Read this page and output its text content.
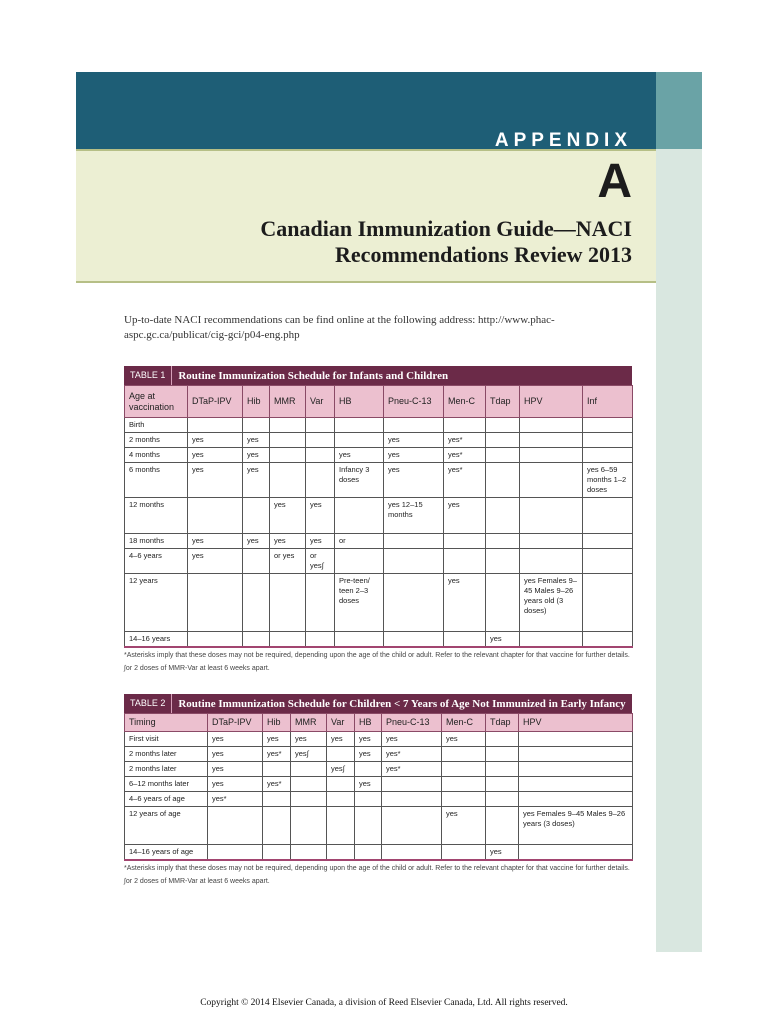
APPENDIX
A
Canadian Immunization Guide—NACI
Recommendations Review 2013
Up-to-date NACI recommendations can be find online at the following address: http://www.phac-aspc.gc.ca/publicat/cig-gci/p04-eng.php
TABLE 1	Routine Immunization Schedule for Infants and Children
Age at vaccination	DTaP-IPV	Hib	MMR	Var	HB	Pneu-C-13	Men-C	Tdap	HPV	Inf
Birth										
2 months	yes	yes				yes	yes*			
4 months	yes	yes			yes	yes	yes*			
6 months	yes	yes			Infancy 3 doses	yes	yes*			yes 6–59 months 1–2 doses
12 months			yes	yes		yes 12–15 months	yes			
18 months	yes	yes	yes	yes	or					
4–6 years	yes		or yes	or yes∫						
12 years					Pre-teen/ teen 2–3 doses		yes		yes Females 9–45 Males 9–26 years old (3 doses)	
14–16 years								yes		
*Asterisks imply that these doses may not be required, depending upon the age of the child or adult. Refer to the relevant chapter for that vaccine for further details.
∫or 2 doses of MMR-Var at least 6 weeks apart.
TABLE 2	Routine Immunization Schedule for Children < 7 Years of Age Not Immunized in Early Infancy
Timing	DTaP-IPV	Hib	MMR	Var	HB	Pneu-C-13	Men-C	Tdap	HPV
First visit	yes	yes	yes	yes	yes	yes	yes		
2 months later	yes	yes*	yes∫		yes	yes*			
2 months later	yes			yes∫		yes*			
6–12 months later	yes	yes*			yes				
4–6 years of age	yes*								
12 years of age							yes		yes Females 9–45 Males 9–26 years (3 doses)
14–16 years of age								yes	
*Asterisks imply that these doses may not be required, depending upon the age of the child or adult. Refer to the relevant chapter for that vaccine for further details.
∫or 2 doses of MMR-Var at least 6 weeks apart.
Copyright © 2014 Elsevier Canada, a division of Reed Elsevier Canada, Ltd. All rights reserved.
